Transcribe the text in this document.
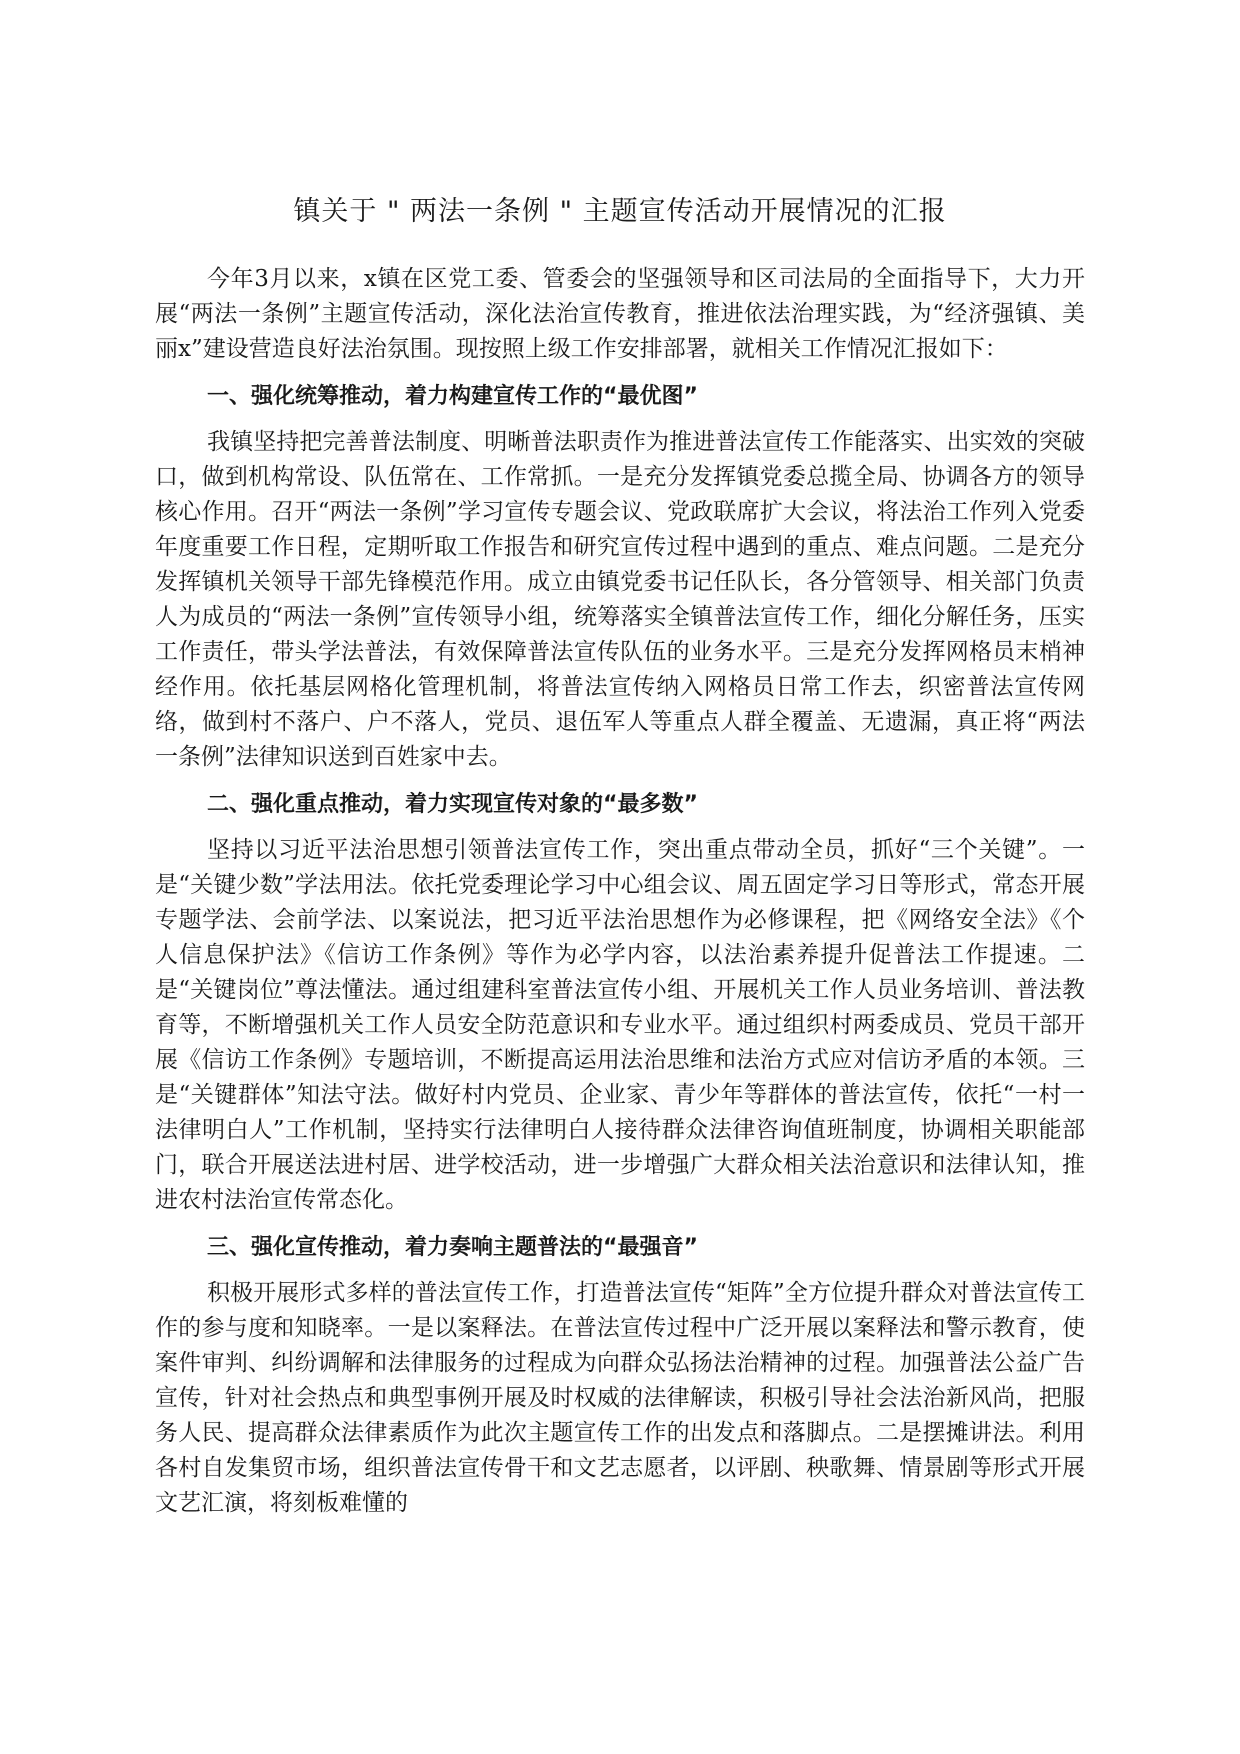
镇关于 " 两法一条例 " 主题宣传活动开展情况的汇报

今年3月以来，x镇在区党工委、管委会的坚强领导和区司法局的全面指导下，大力开展“两法一条例”主题宣传活动，深化法治宣传教育，推进依法治理实践，为“经济强镇、美丽x”建设营造良好法治氛围。现按照上级工作安排部署，就相关工作情况汇报如下：

一、强化统筹推动，着力构建宣传工作的“最优图”

我镇坚持把完善普法制度、明晰普法职责作为推进普法宣传工作能落实、出实效的突破口，做到机构常设、队伍常在、工作常抓。一是充分发挥镇党委总揽全局、协调各方的领导核心作用。召开“两法一条例”学习宣传专题会议、党政联席扩大会议，将法治工作列入党委年度重要工作日程，定期听取工作报告和研究宣传过程中遇到的重点、难点问题。二是充分发挥镇机关领导干部先锋模范作用。成立由镇党委书记任队长，各分管领导、相关部门负责人为成员的“两法一条例”宣传领导小组，统筹落实全镇普法宣传工作，细化分解任务，压实工作责任，带头学法普法，有效保障普法宣传队伍的业务水平。三是充分发挥网格员末梢神经作用。依托基层网格化管理机制，将普法宣传纳入网格员日常工作去，织密普法宣传网络，做到村不落户、户不落人，党员、退伍军人等重点人群全覆盖、无遗漏，真正将“两法一条例”法律知识送到百姓家中去。

二、强化重点推动，着力实现宣传对象的“最多数”

坚持以习近平法治思想引领普法宣传工作，突出重点带动全员，抓好“三个关键”。一是“关键少数”学法用法。依托党委理论学习中心组会议、周五固定学习日等形式，常态开展专题学法、会前学法、以案说法，把习近平法治思想作为必修课程，把《网络安全法》《个人信息保护法》《信访工作条例》等作为必学内容，以法治素养提升促普法工作提速。二是“关键岗位”尊法懂法。通过组建科室普法宣传小组、开展机关工作人员业务培训、普法教育等，不断增强机关工作人员安全防范意识和专业水平。通过组织村两委成员、党员干部开展《信访工作条例》专题培训，不断提高运用法治思维和法治方式应对信访矛盾的本领。三是“关键群体”知法守法。做好村内党员、企业家、青少年等群体的普法宣传，依托“一村一法律明白人”工作机制，坚持实行法律明白人接待群众法律咨询值班制度，协调相关职能部门，联合开展送法进村居、进学校活动，进一步增强广大群众相关法治意识和法律认知，推进农村法治宣传常态化。

三、强化宣传推动，着力奏响主题普法的“最强音”

积极开展形式多样的普法宣传工作，打造普法宣传“矩阵”全方位提升群众对普法宣传工作的参与度和知晓率。一是以案释法。在普法宣传过程中广泛开展以案释法和警示教育，使案件审判、纠纷调解和法律服务的过程成为向群众弘扬法治精神的过程。加强普法公益广告宣传，针对社会热点和典型事例开展及时权威的法律解读，积极引导社会法治新风尚，把服务人民、提高群众法律素质作为此次主题宣传工作的出发点和落脚点。二是摆摊讲法。利用各村自发集贸市场，组织普法宣传骨干和文艺志愿者，以评剧、秧歌舞、情景剧等形式开展文艺汇演，将刻板难懂的
